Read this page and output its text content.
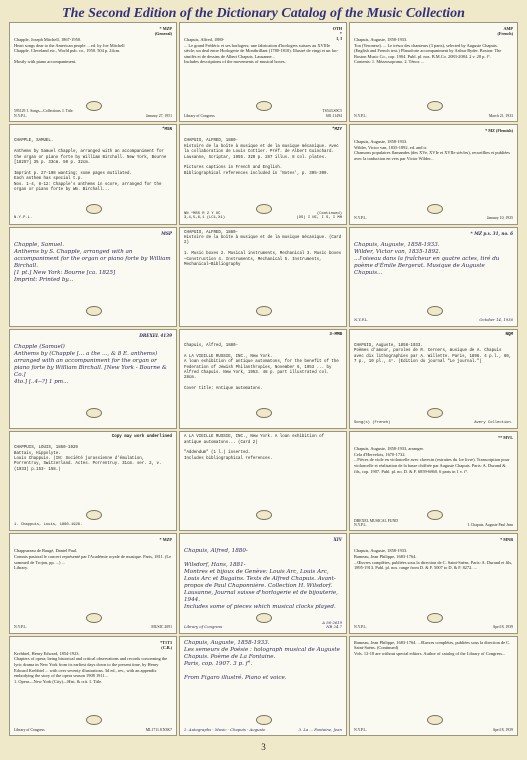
The Second Edition of the Dictionary Catalog of the Music Collection
* MZP
(General)
Chapple, Joseph Mitchell, 1867-1950.
Heart songs dear to the American people ... ed. by Joe Mitchell
Chapple. Cleveland etc., World pub. co., 1950. 504 p. 24cm.

Mostly with piano accompaniment.
595129 1. Songs—Collections. I. Title.
N.Y.P.L.	January 27, 1951
OTH
*
1, I
Chapuis, Alfred, 1880-
... Le grand Frédéric et ses horlogers; une fabrication d'horlogers suisses au XVIIIe siècle; un deal entre Horlogerie de Montbrillant (1780-1810). Illustré de vingt et un fac-similés et de dessins de Albert Chapuis. Lausanne...
Includes descriptions of the movements of musical boxes.
Library of Congress
TS543.S9C5
681.11494
AMP
(French)
Chapuis, Auguste, 1858-1933.
Ton (Veronese). ... Le trésor des chanteurs (3 parts), selected by Auguste Chapuis. (English and French text.) Planoforte accompaniment by Arthur Ryder. Boston: The Boston Music Co., cop. 1904. Publ. pl. nos. B.M.Co. 2083-2084. 2 v. 28 p. f°.
Contents: 1. Mézzosoprano. 2. Ténor. ...
N.Y.P.L.	March 21, 1933
*MSN
CHAPPLE, SAMUEL.

Anthems by Samuel Chapple, arranged with an accompaniment for the organ or piano forte by William Birchall. New York, Bourne [1825?] 35 p. 33cm. 50 p. 32cm.

Imprint p. 27-108 wanting; some pages mutilated.
Each anthem has special t.p.
Nos. 1-4, 8-12: Chapple's anthems in score, arranged for the organ or piano forte by Wm. Birchall...
N.Y.P.L.
*MZY
CHAPUIS, ALFRED, 1880-
Histoire de la boîte à musique et de la musique mécanique. Avec la collaboration de Louis Cottier. Préf. de Albert Guinchard. Lausanne, Scriptar, 1955. 320 p. 287 illus. 8 col. plates.

Pictures captions in French and English.
Bibliographical references included in 'Notes', p. 305-309.
NN *MSS R 2 Y OC
3,4,5,6,1 (LC1,X1)
(Continued)
(OS) I NC, I S, I MH
* MZ (Flemish)
Chapuis, Auguste, 1858-1933.
Wilder, Victor van, 1835-1892, ed. and tr.
Chansons populaires flamandes (des XVe, XVIe et XVIIe siècles), recueillies et publiées avec la traduction en vers par Victor Wilder...
N.Y.P.L.	January 10, 1935
MSP
Chapple, Samuel.
Anthems by S. Chapple, arranged with an accompaniment for the organ or piano forte by William Birchall.
[1 pt.] New York: Bourne [ca. 1825]
Imprint: Printed by...
CHAPUIS, ALFRED, 1880-
Histoire de la boîte à musique et de la musique mécanique. (Card 2)

1. Music boxes 2. Musical instruments, Mechanical 3. Music boxes—Construction 4. Instruments, Mechanical 5. Instruments, Mechanical—Bibliography
* MZ p.v. 31, no. 6
Chapuis, Auguste, 1858-1933.
Wilder, Victor van, 1835-1892.
...l'oiseau dans la fraîcheur en quatre actes, tiré du poème d'Émile Bergerat. Musique de Auguste Chapuis...
N.Y.P.L.	October 14, 1936
DREXEL 4139
Chapple (Samuel)
Anthems by (Chapple [... a the ..., & 8 E. anthems) arranged with an accompaniment for the organ or piano forte by William Birchall. [New York - Bourne & Co.]
4to.] [..4--?] 1 pm...
3-MMB
Chapuis, Alfred, 1880-

A LA VIEILLE RUSSIE, INC., New York.
A loan exhibition of antique automatons, for the benefit of the Federation of Jewish Philanthropies, November 6, 1953 ... by Alfred Chapuis. New York, 1953. 48 p. part illustrated col. 28cm.

Cover title: Antique automatons.
NQM
CHAPUIS, Auguste, 1858-1933.
Poèmes d'amour, paroles de R. Cerners, musique de A. Chapuis avec dix lithographies par A. Willette. Paris, 1896. 4 p.l., 60, 7 p., 10 pl., 4°. (Edition du journal "Le journal.")
Song(s) (French)	Avery Collection.
Copy may work underlined
CHAPPUIS, LOUIS, 1860-1929
Battais, Hippolyte.
Louis Chappuis. (IN: Société jurassienne d'émulation, Porrentruy, Switzerland. Actes. Porrentruy. 31cm. ser. 2, v. (1933) p.153- 158.)
1. Chappuis, Louis, 1860-1929.
A LA VIEILLE RUSSIE, INC., New York. A loan exhibition of antique automatons... (Card 2)

"Addendum" (1 l.) inserted.
Includes bibliographical references.
** MVL
Chapuis, Auguste, 1858-1933, arranger.
Cela d'Hervelois, 1670-1732.
...Pièces de viole en violoncelle avec clavecin (extraites du 1re livre). Transcription pour violoncelle et réalisation de la basse chiffrée par Auguste Chapuis. Paris: A. Durand & fils, cop. 1907. Publ. pl. no. D. & F. 6859-6860. 6 parts in 1 v. f°.
DREXEL MUSICAL FUND
N.Y.P.L.	I. Chapuis, Auguste Paul Jean
* MZP
Chappuzeau de Baugé, Daniel Paul.
Comnis pastoral le concert représenté par l'Académie royale de musique. Paris, 1811. (Le sommeil de Trojan, pp. ...) ...
Library.
N.Y.P.L.	MUSIC 2091
XIV
Chapuis, Alfred, 1880-

Wilsdorf, Hans, 1881-
Montres et bijoux de Genève: Louis Arc, Louis Arc, Louis Arc et Bugains. Texts de Alfred Chapuis. Avant-propos de Paul Chaponnière. Collection H. Wilsdorf. Lausanne, Journal suisse d'horlogerie et de bijouterie, 1944.
Includes some of pieces which musical clocks played.
Library of Congress
A 56-2619
NB 24.7
* MNB
Chapuis, Auguste, 1858-1933.
Rameau, Jean Philippe, 1683-1764.
...Œuvres complètes, publiées sous la direction de C. Saint-Saëns. Paris: A. Durand et fils, 1895-1913. Publ. pl. nos. range from D. & F. 5007 to D. & F. 8272. ...
N.Y.P.L.	April 8, 1939
*T1T3
(C.B.)
Krehbiel, Henry Edward, 1854-1923.
Chapters of opera; being historical and critical observations and records concerning the lyric drama in New York from its earliest days down to the present time, by Henry Edward Krehbiel ... with over seventy illustrations. 3d ed., rev., with an appendix embodying the story of the opera season 1908 1911...
1. Opera—New York (City)—Hist. & crit. I. Title.
Library of Congress	ML1711.8.N3K7
Chapuis, Auguste, 1858-1933.
Les semeurs de Poésie : holograph musical de Auguste Chapuis. Poème de La Fontaine.
Paris, cop. 1907. 3 p. f°.

From Figaro illustré. Piano et voice.
2. Autographs - Music - Chapuis - Auguste	3. La ... Fontaine, Jean
Rameau, Jean Philippe, 1683-1764. ...Œuvres complètes, publiées sous la direction de C. Saint-Saëns. (Continued)
Vols. 12-18 are without special editors. Author of catalog of the Library of Congress...
N.Y.P.L.	April 8, 1939
3
